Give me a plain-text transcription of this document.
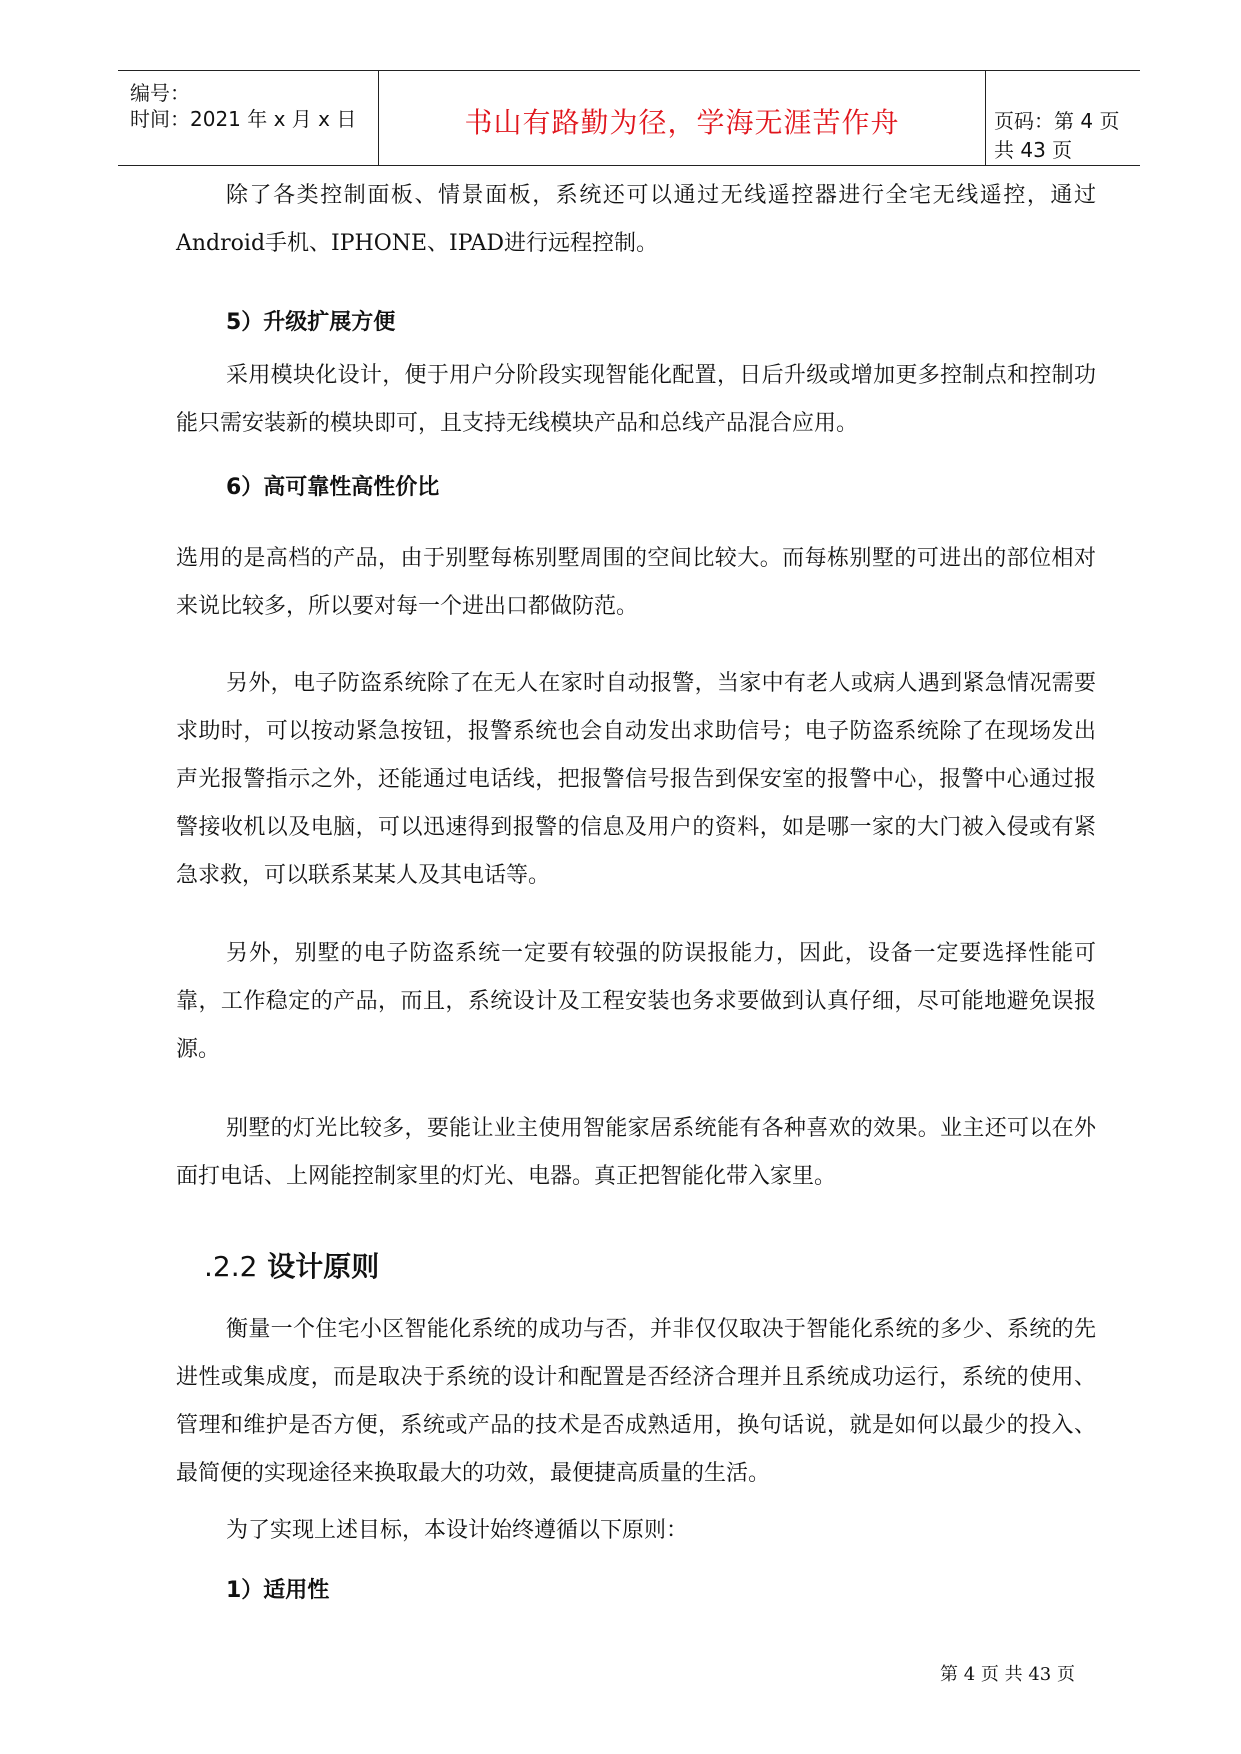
编号：
时间：2021 年 x 月 x 日	书山有路勤为径，学海无涯苦作舟	页码：第 4 页 共 43 页
除了各类控制面板、情景面板，系统还可以通过无线遥控器进行全宅无线遥控，通过Android手机、IPHONE、IPAD进行远程控制。
5）升级扩展方便
采用模块化设计，便于用户分阶段实现智能化配置，日后升级或增加更多控制点和控制功能只需安装新的模块即可，且支持无线模块产品和总线产品混合应用。
6）高可靠性高性价比
选用的是高档的产品，由于别墅每栋别墅周围的空间比较大。而每栋别墅的可进出的部位相对来说比较多，所以要对每一个进出口都做防范。
另外，电子防盗系统除了在无人在家时自动报警，当家中有老人或病人遇到紧急情况需要求助时，可以按动紧急按钮，报警系统也会自动发出求助信号；电子防盗系统除了在现场发出声光报警指示之外，还能通过电话线，把报警信号报告到保安室的报警中心，报警中心通过报警接收机以及电脑，可以迅速得到报警的信息及用户的资料，如是哪一家的大门被入侵或有紧急求救，可以联系某某人及其电话等。
另外，别墅的电子防盗系统一定要有较强的防误报能力，因此，设备一定要选择性能可靠，工作稳定的产品，而且，系统设计及工程安装也务求要做到认真仔细，尽可能地避免误报源。
别墅的灯光比较多，要能让业主使用智能家居系统能有各种喜欢的效果。业主还可以在外面打电话、上网能控制家里的灯光、电器。真正把智能化带入家里。
.2.2 设计原则
衡量一个住宅小区智能化系统的成功与否，并非仅仅取决于智能化系统的多少、系统的先进性或集成度，而是取决于系统的设计和配置是否经济合理并且系统成功运行，系统的使用、管理和维护是否方便，系统或产品的技术是否成熟适用，换句话说，就是如何以最少的投入、最简便的实现途径来换取最大的功效，最便捷高质量的生活。
为了实现上述目标，本设计始终遵循以下原则：
1）适用性
第 4 页 共 43 页
